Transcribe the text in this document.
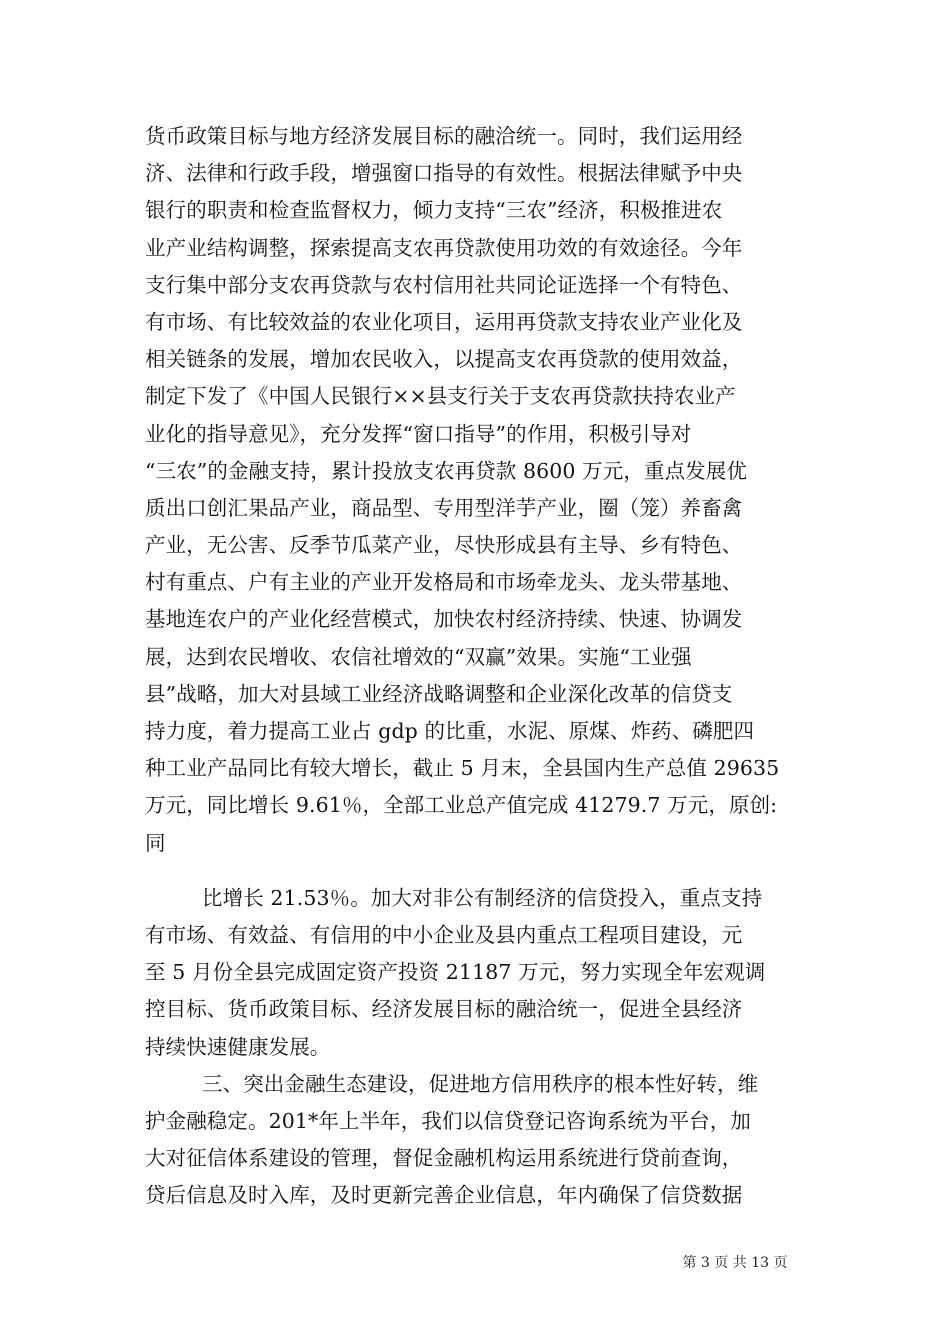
货币政策目标与地方经济发展目标的融洽统一。同时，我们运用经
济、法律和行政手段，增强窗口指导的有效性。根据法律赋予中央
银行的职责和检查监督权力，倾力支持“三农”经济，积极推进农
业产业结构调整，探索提高支农再贷款使用功效的有效途径。今年
支行集中部分支农再贷款与农村信用社共同论证选择一个有特色、
有市场、有比较效益的农业化项目，运用再贷款支持农业产业化及
相关链条的发展，增加农民收入，以提高支农再贷款的使用效益，
制定下发了《中国人民银行××县支行关于支农再贷款扶持农业产
业化的指导意见》，充分发挥“窗口指导”的作用，积极引导对
“三农”的金融支持，累计投放支农再贷款 8600 万元，重点发展优
质出口创汇果品产业，商品型、专用型洋芋产业，圈（笼）养畜禽
产业，无公害、反季节瓜菜产业，尽快形成县有主导、乡有特色、
村有重点、户有主业的产业开发格局和市场牵龙头、龙头带基地、
基地连农户的产业化经营模式，加快农村经济持续、快速、协调发
展，达到农民增收、农信社增效的“双赢”效果。实施“工业强
县”战略，加大对县域工业经济战略调整和企业深化改革的信贷支
持力度，着力提高工业占 gdp 的比重，水泥、原煤、炸药、磷肥四
种工业产品同比有较大增长，截止 5 月末，全县国内生产总值 29635
万元，同比增长 9.61％，全部工业总产值完成 41279.7 万元，原创:
同
比增长 21.53％。加大对非公有制经济的信贷投入，重点支持
有市场、有效益、有信用的中小企业及县内重点工程项目建设，元
至 5 月份全县完成固定资产投资 21187 万元，努力实现全年宏观调
控目标、货币政策目标、经济发展目标的融洽统一，促进全县经济
持续快速健康发展。
三、突出金融生态建设，促进地方信用秩序的根本性好转，维
护金融稳定。201*年上半年，我们以信贷登记咨询系统为平台，加
大对征信体系建设的管理，督促金融机构运用系统进行贷前查询，
贷后信息及时入库，及时更新完善企业信息，年内确保了信贷数据
第 3 页 共 13 页
